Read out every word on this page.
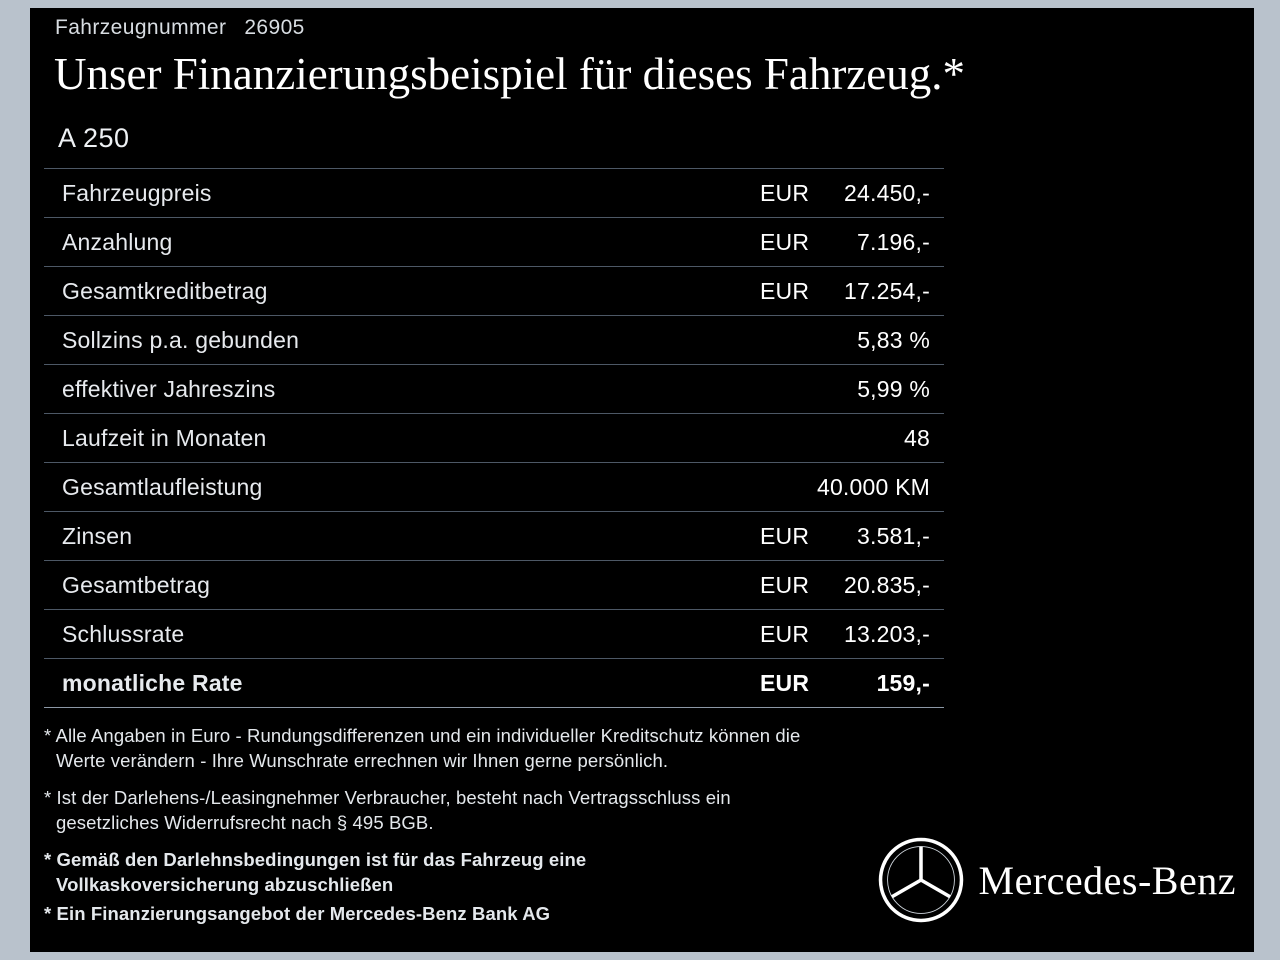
Fahrzeugnummer 26905
Unser Finanzierungsbeispiel für dieses Fahrzeug.*
A 250
Fahrzeugpreis	EUR 24.450,-
Anzahlung	EUR 7.196,-
Gesamtkreditbetrag	EUR 17.254,-
Sollzins p.a. gebunden	5,83 %
effektiver Jahreszins	5,99 %
Laufzeit in Monaten	48
Gesamtlaufleistung	40.000 KM
Zinsen	EUR 3.581,-
Gesamtbetrag	EUR 20.835,-
Schlussrate	EUR 13.203,-
monatliche Rate	EUR	159,-
* Alle Angaben in Euro - Rundungsdifferenzen und ein individueller Kreditschutz können die
Werte verändern - Ihre Wunschrate errechnen wir Ihnen gerne persönlich.
* Ist der Darlehens-/Leasingnehmer Verbraucher, besteht nach Vertragsschluss ein
gesetzliches Widerrufsrecht nach § 495 BGB.
* Gemäß den Darlehnsbedingungen ist für das Fahrzeug eine
Vollkaskoversicherung abzuschließen
* Ein Finanzierungsangebot der Mercedes-Benz Bank AG
Mercedes-Benz
